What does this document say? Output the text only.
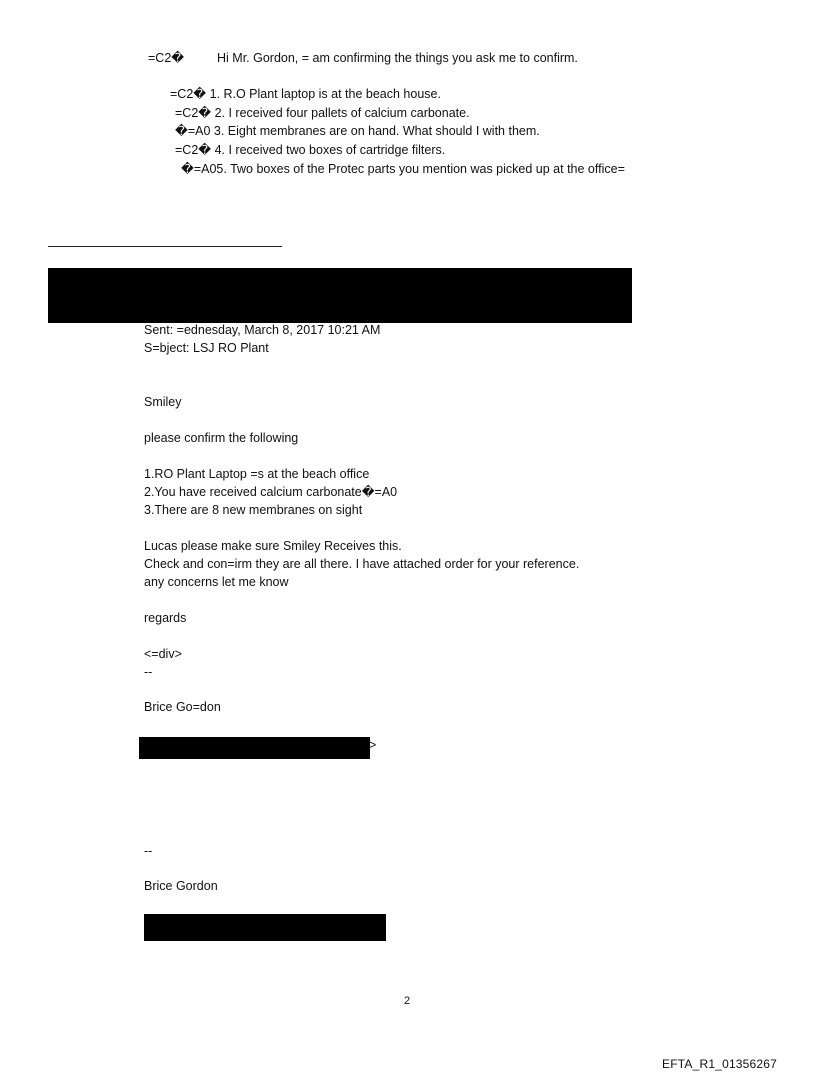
=C2�	Hi Mr. Gordon, = am confirming the things you ask me to confirm.
=C2� 1. R.O Plant laptop is at the beach house.
=C2� 2. I received four pallets of calcium carbonate.
�=A0 3. Eight membranes are on hand. What should I with them.
=C2� 4. I received two boxes of cartridge filters.
�=A05. Two boxes of the Protec parts you mention was picked up at the office=
Sent: =ednesday, March 8, 2017 10:21 AM
S=bject: LSJ RO Plant
Smiley
please confirm the following
1.RO Plant Laptop =s at the beach office
2.You have received calcium carbonate�=A0
3.There are 8 new membranes on sight
Lucas please make sure Smiley Receives this.
Check and con=irm they are all there. I have attached order for your reference.
any concerns let me know
regards
<=div>
--
Brice Go=don
>
--
Brice Gordon
2
EFTA_R1_01356267
